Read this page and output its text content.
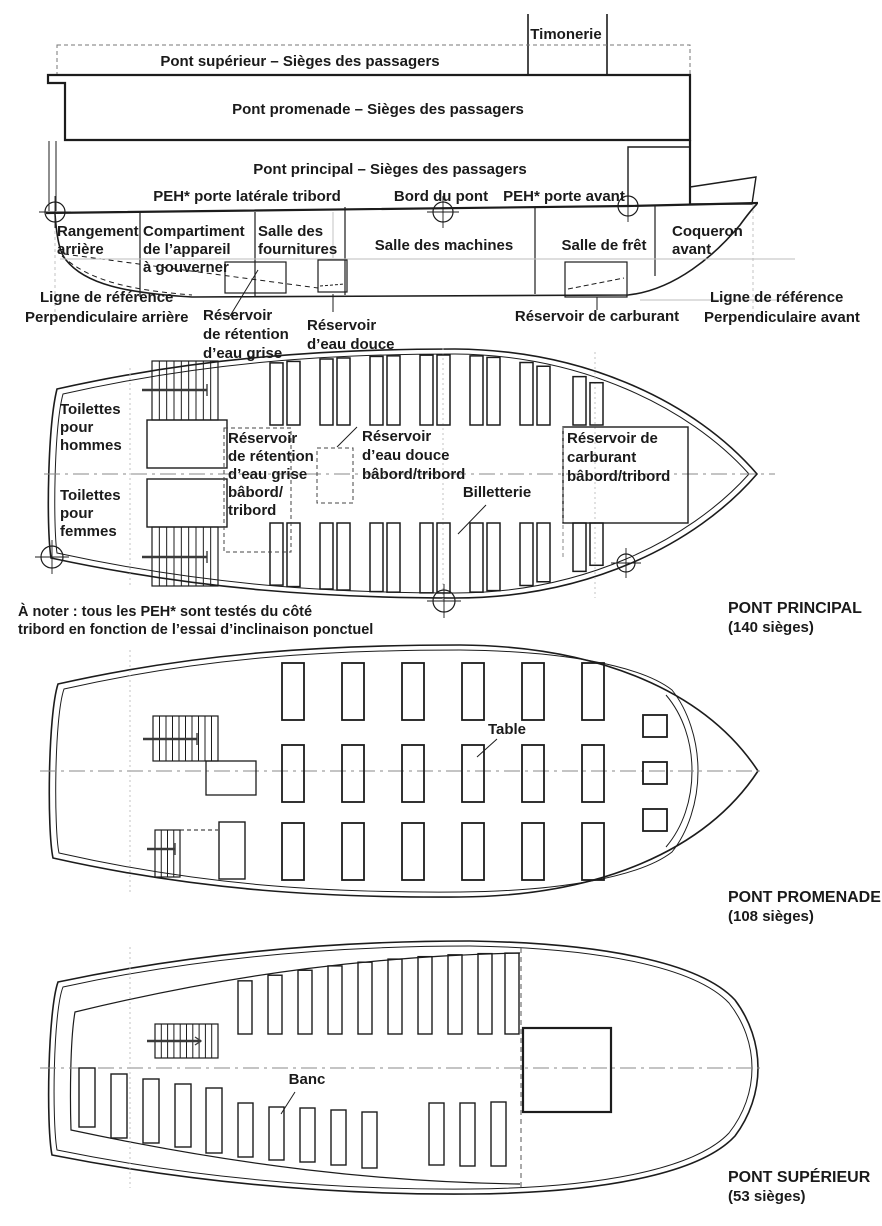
Timonerie
Pont supérieur – Sièges des passagers
Pont promenade – Sièges des passagers
Pont principal – Sièges des passagers
PEH* porte latérale tribord	Bord du pont PEH* porte avant
Rangement
arrière
Compartiment
de l’appareil
à gouverner
Salle des
fournitures	Salle des machines	Salle de frêt
Coqueron
avant
Ligne de référence
Perpendiculaire arrière Réservoir
de rétention
d’eau grise
Réservoir
d’eau douce
Réservoir de carburant
Ligne de référence
Perpendiculaire avant
Toilettes
pour
hommes
Toilettes
pour
femmes
Réservoir
de rétention
d’eau grise
bâbord/
tribord
Réservoir
d’eau douce
bâbord/tribord
Réservoir de
carburant
bâbord/tribord
Billetterie
À noter : tous les PEH* sont testés du côté
tribord en fonction de l’essai d’inclinaison ponctuel
PONT PRINCIPAL
(140 sièges)
Table
PONT PROMENADE
(108 sièges)
Banc
PONT SUPÉRIEUR
(53 sièges)
